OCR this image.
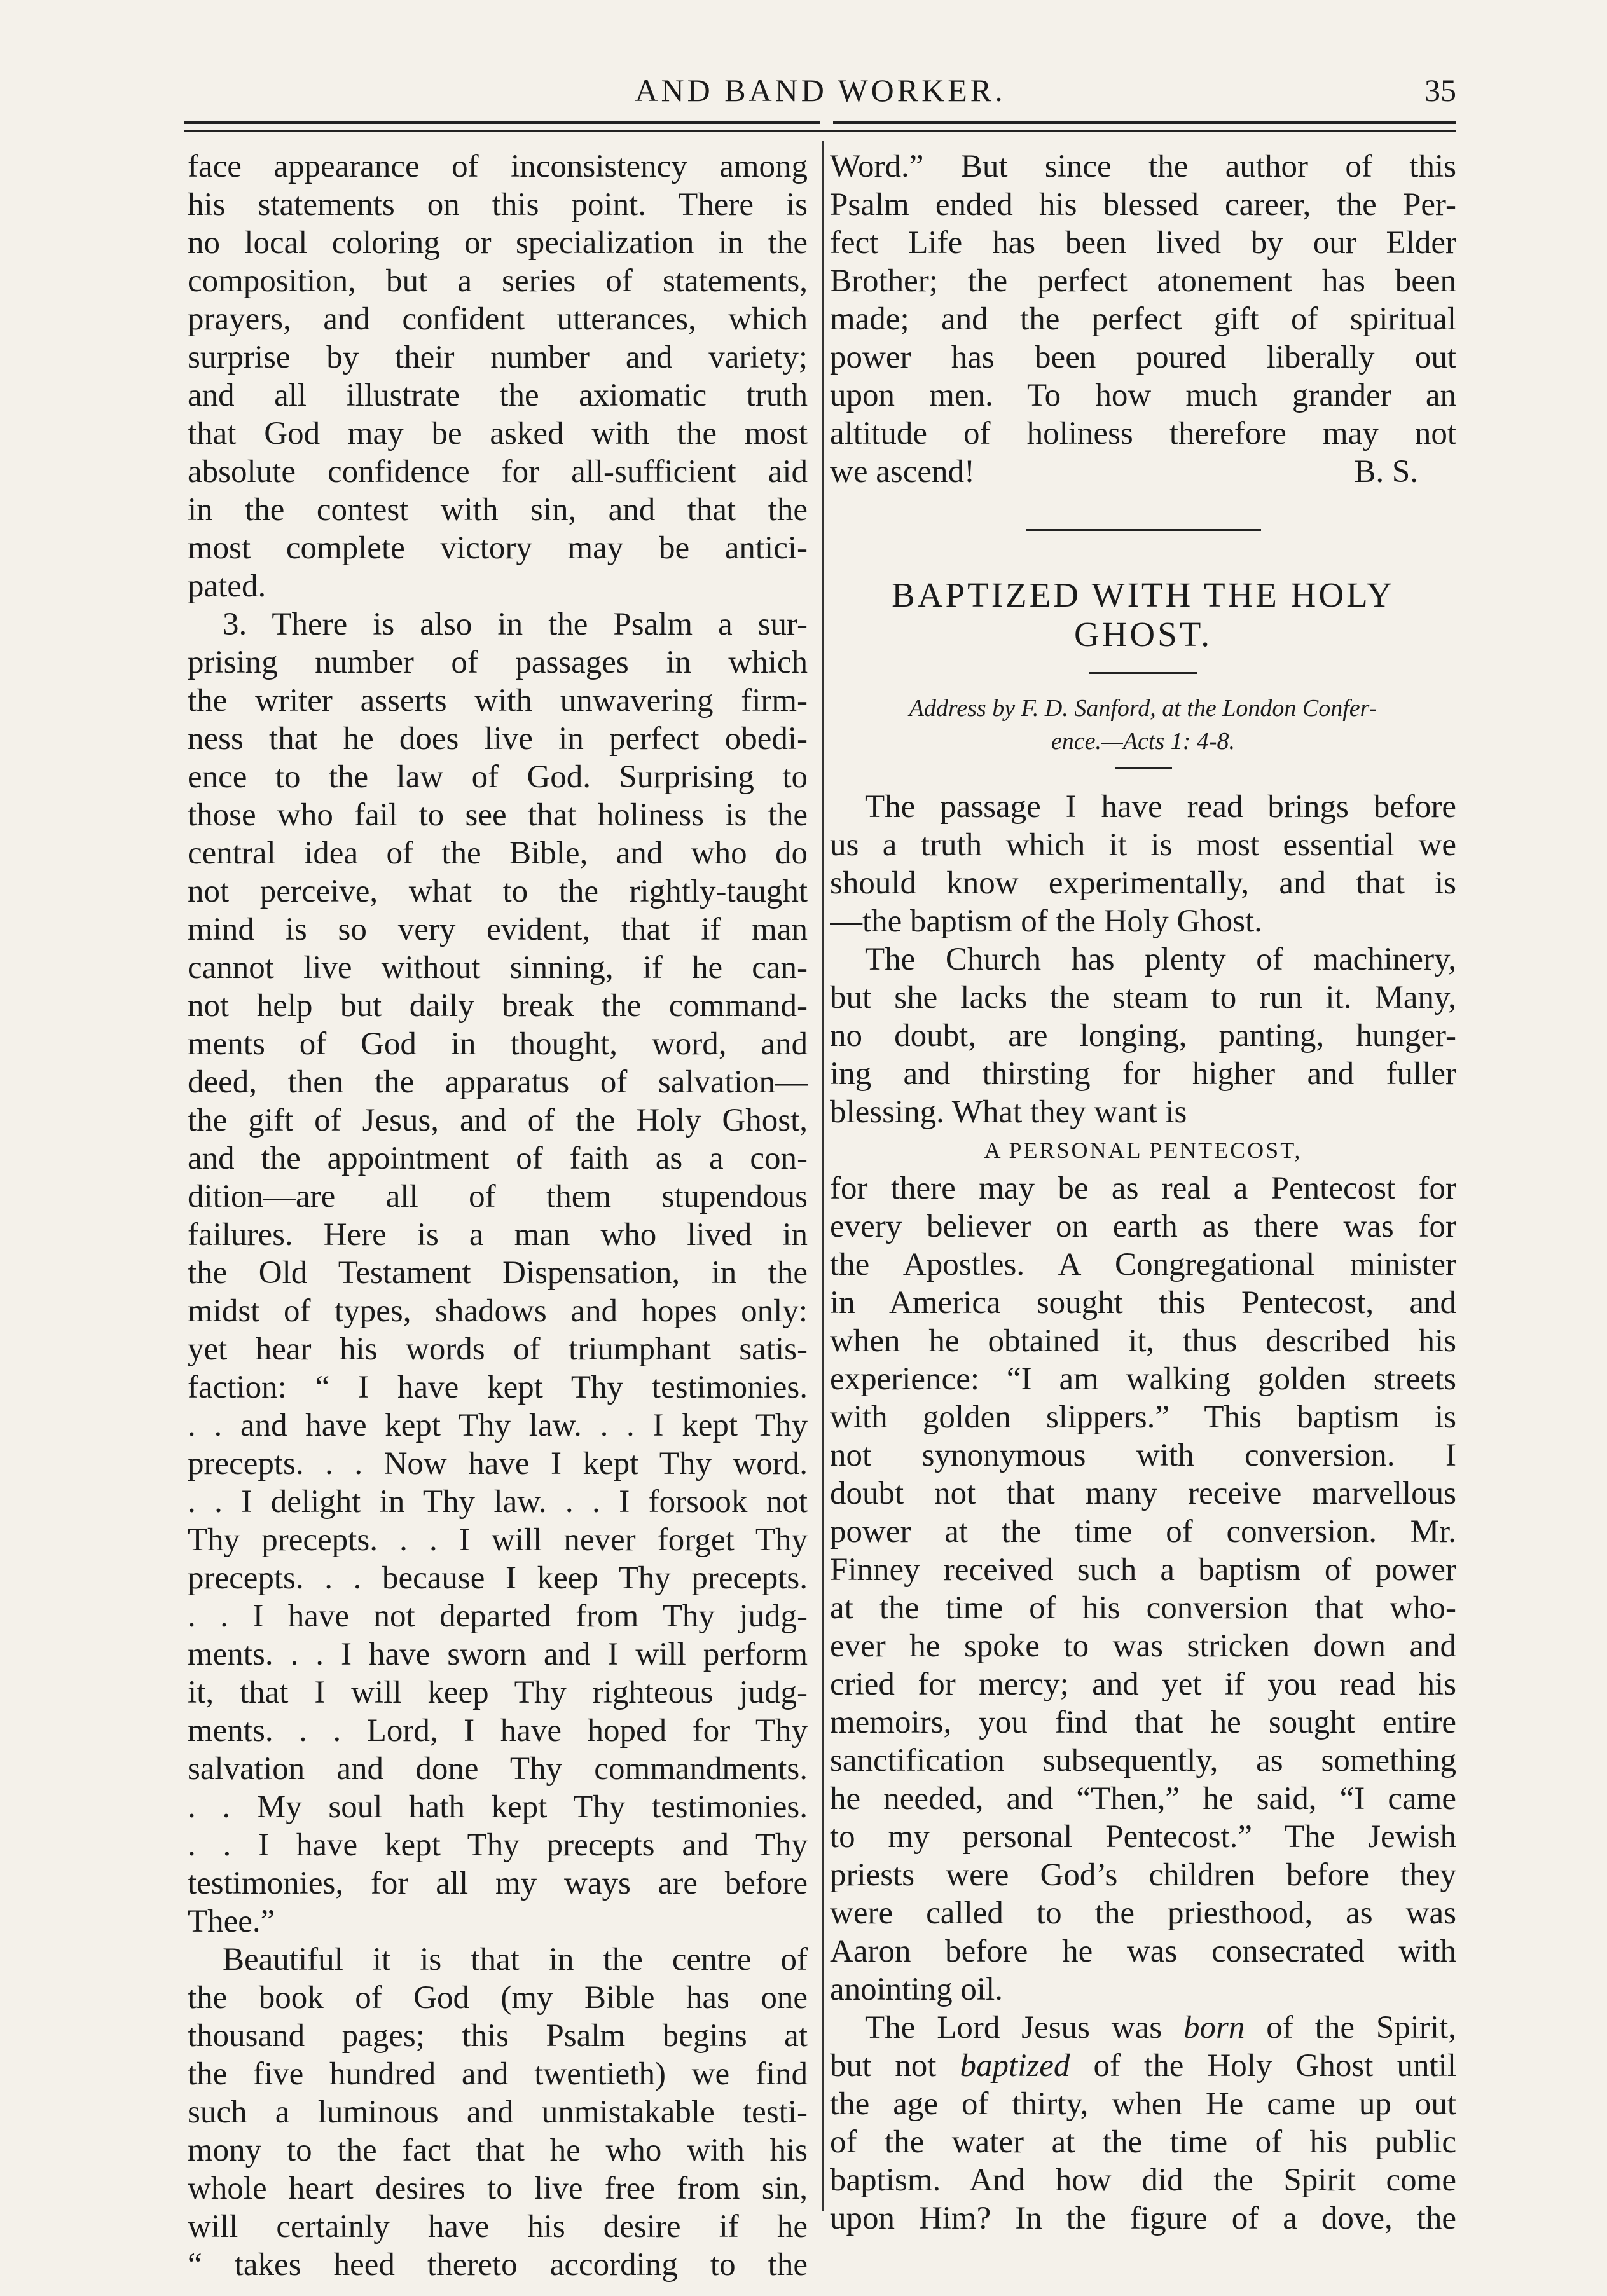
AND BAND WORKER.	35
face appearance of inconsistency among
his statements on this point. There is
no local coloring or specialization in the
composition, but a series of statements,
prayers, and confident utterances, which
surprise by their number and variety;
and all illustrate the axiomatic truth
that God may be asked with the most
absolute confidence for all-sufficient aid
in the contest with sin, and that the
most complete victory may be antici-
pated.
3. There is also in the Psalm a sur-
prising number of passages in which
the writer asserts with unwavering firm-
ness that he does live in perfect obedi-
ence to the law of God. Surprising to
those who fail to see that holiness is the
central idea of the Bible, and who do
not perceive, what to the rightly-taught
mind is so very evident, that if man
cannot live without sinning, if he can-
not help but daily break the command-
ments of God in thought, word, and
deed, then the apparatus of salvation—
the gift of Jesus, and of the Holy Ghost,
and the appointment of faith as a con-
dition—are all of them stupendous
failures. Here is a man who lived in
the Old Testament Dispensation, in the
midst of types, shadows and hopes only:
yet hear his words of triumphant satis-
faction: “ I have kept Thy testimonies.
. . and have kept Thy law. . . I kept Thy
precepts. . . Now have I kept Thy word.
. . I delight in Thy law. . . I forsook not
Thy precepts. . . I will never forget Thy
precepts. . . because I keep Thy precepts.
. . I have not departed from Thy judg-
ments. . . I have sworn and I will perform
it, that I will keep Thy righteous judg-
ments. . . Lord, I have hoped for Thy
salvation and done Thy commandments.
. . My soul hath kept Thy testimonies.
. . I have kept Thy precepts and Thy
testimonies, for all my ways are before
Thee.”
Beautiful it is that in the centre of
the book of God (my Bible has one
thousand pages; this Psalm begins at
the five hundred and twentieth) we find
such a luminous and unmistakable testi-
mony to the fact that he who with his
whole heart desires to live free from sin,
will certainly have his desire if he
“ takes heed thereto according to the
Word.” But since the author of this
Psalm ended his blessed career, the Per-
fect Life has been lived by our Elder
Brother; the perfect atonement has been
made; and the perfect gift of spiritual
power has been poured liberally out
upon men. To how much grander an
altitude of holiness therefore may not
we ascend!	B. S.
BAPTIZED WITH THE HOLY
GHOST.
Address by F. D. Sanford, at the London Confer-
ence.—Acts 1: 4-8.
The passage I have read brings before
us a truth which it is most essential we
should know experimentally, and that is
—the baptism of the Holy Ghost.
The Church has plenty of machinery,
but she lacks the steam to run it. Many,
no doubt, are longing, panting, hunger-
ing and thirsting for higher and fuller
blessing. What they want is
A PERSONAL PENTECOST,
for there may be as real a Pentecost for
every believer on earth as there was for
the Apostles. A Congregational minister
in America sought this Pentecost, and
when he obtained it, thus described his
experience: “I am walking golden streets
with golden slippers.” This baptism is
not synonymous with conversion. I
doubt not that many receive marvellous
power at the time of conversion. Mr.
Finney received such a baptism of power
at the time of his conversion that who-
ever he spoke to was stricken down and
cried for mercy; and yet if you read his
memoirs, you find that he sought entire
sanctification subsequently, as something
he needed, and “Then,” he said, “I came
to my personal Pentecost.” The Jewish
priests were God’s children before they
were called to the priesthood, as was
Aaron before he was consecrated with
anointing oil.
The Lord Jesus was born of the Spirit,
but not baptized of the Holy Ghost until
the age of thirty, when He came up out
of the water at the time of his public
baptism. And how did the Spirit come
upon Him? In the figure of a dove, the
